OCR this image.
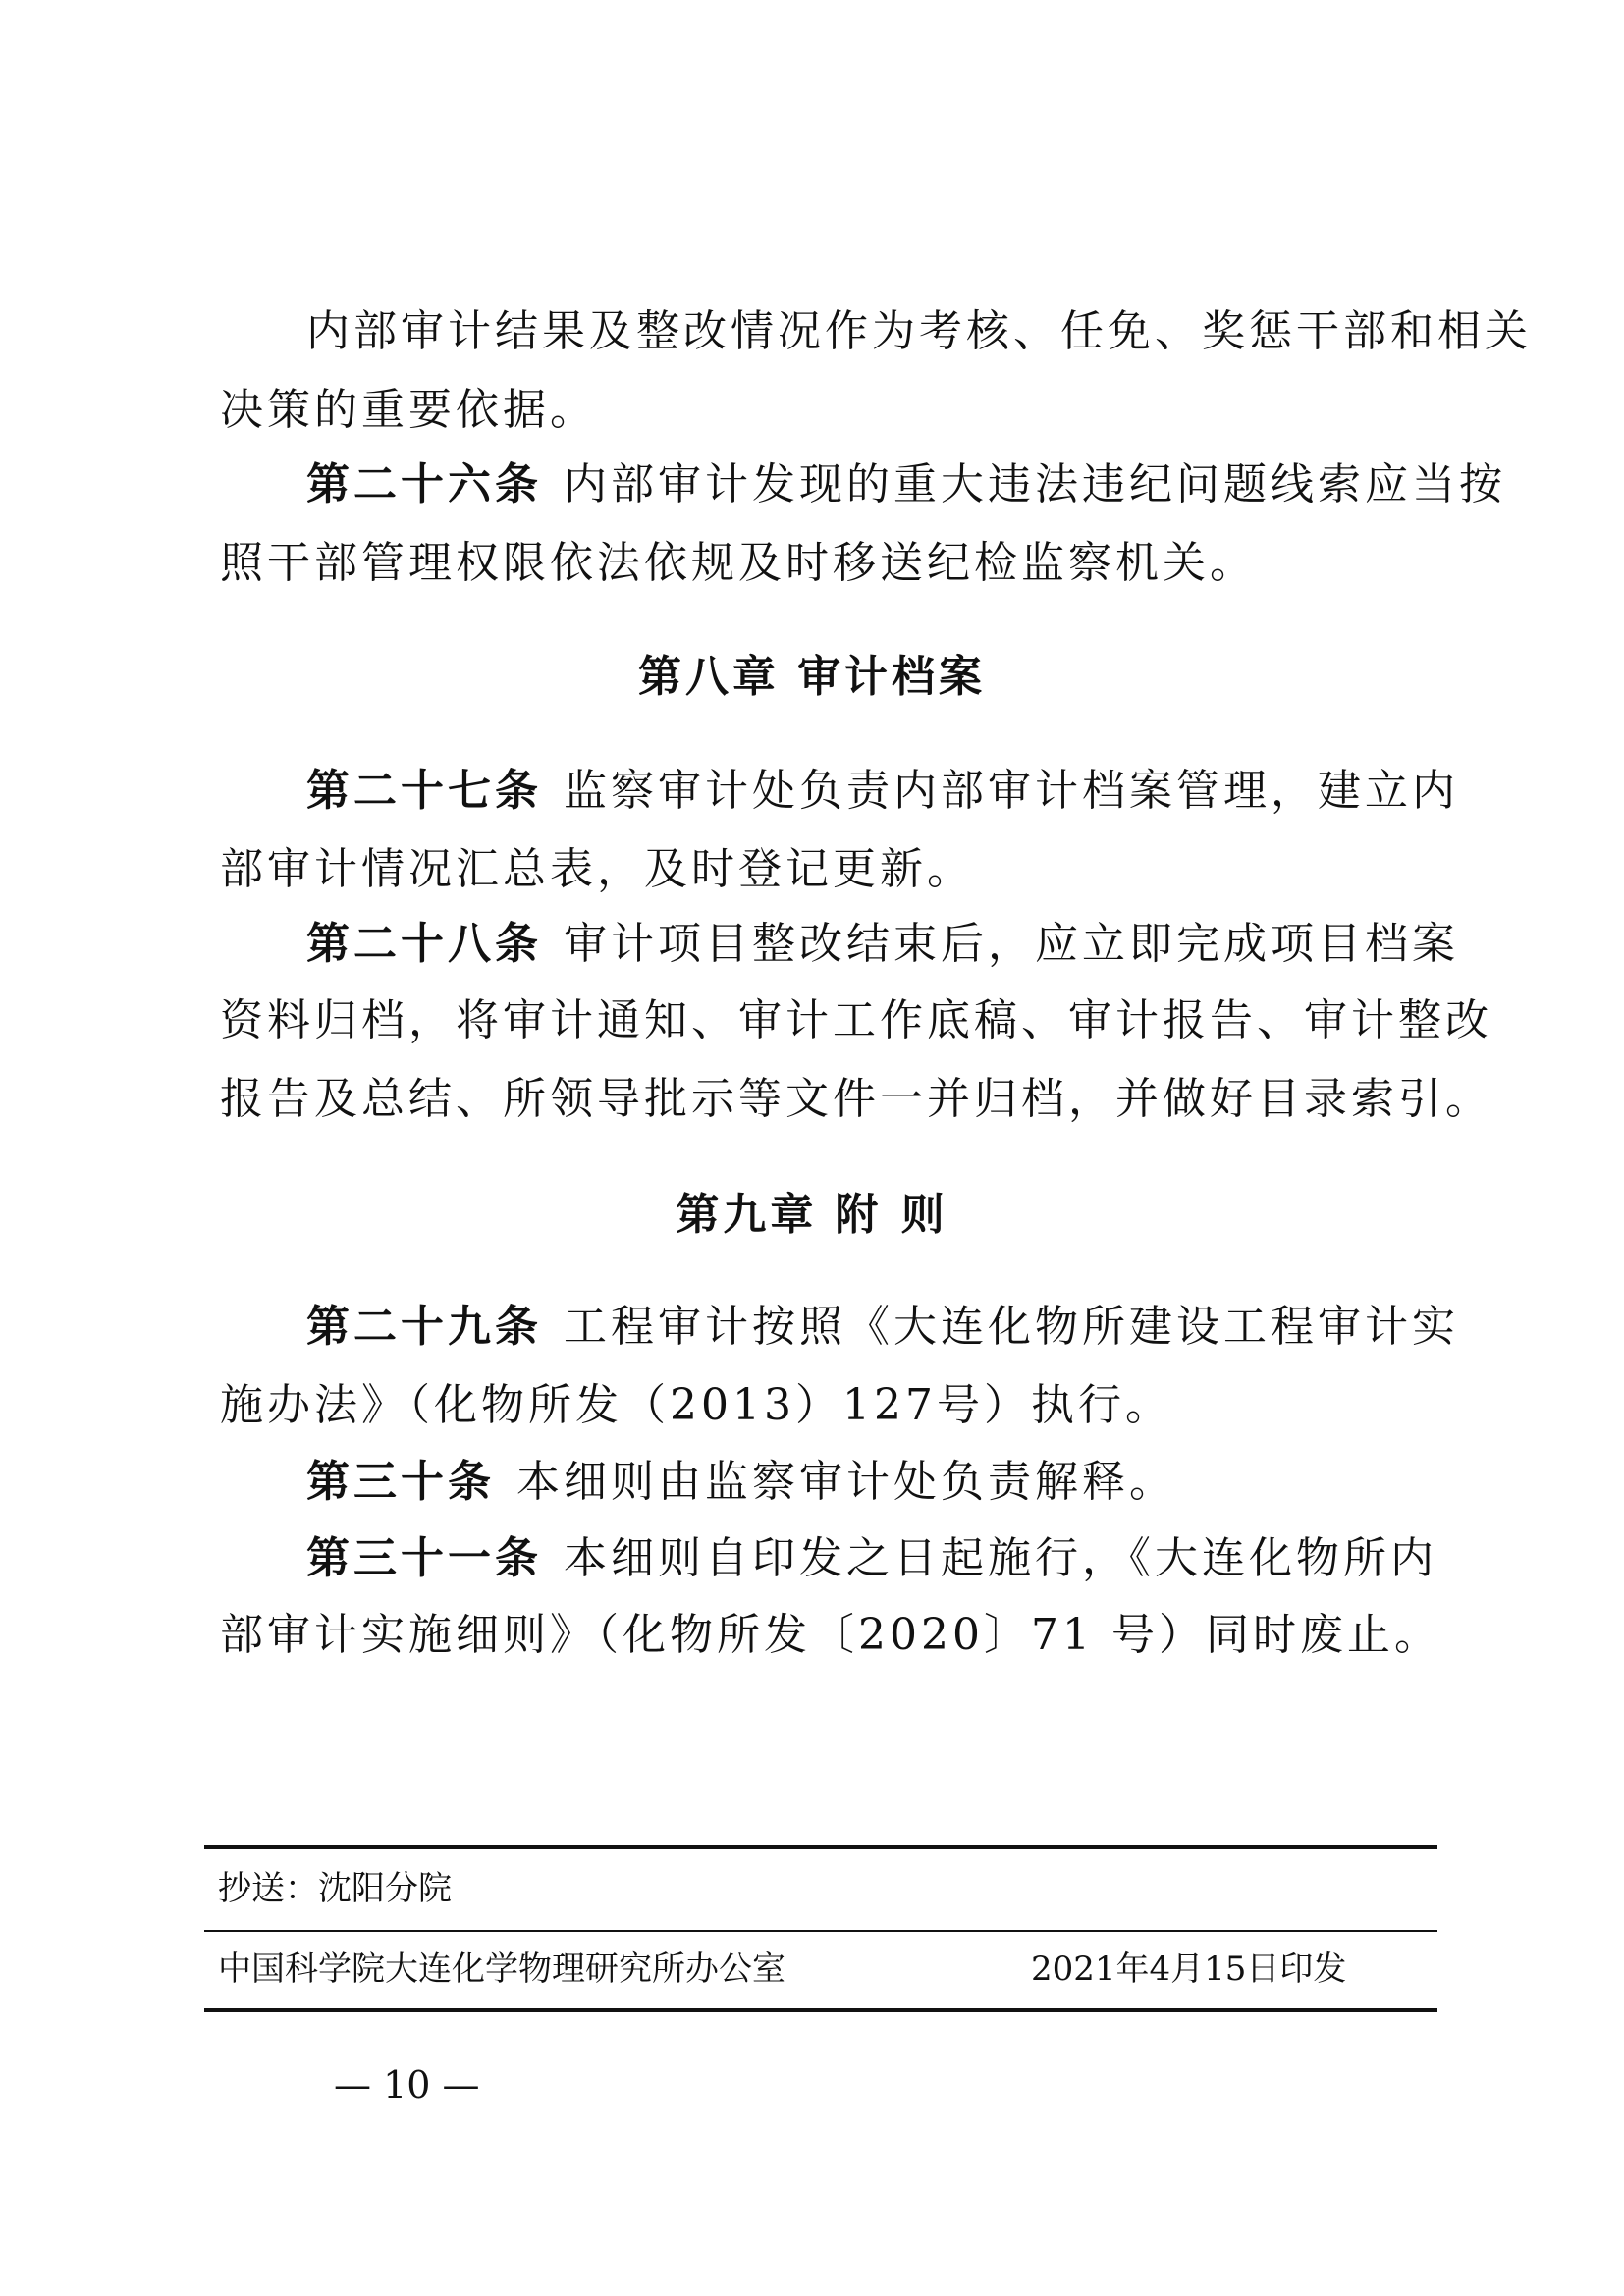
内部审计结果及整改情况作为考核、任免、奖惩干部和相关
决策的重要依据。
第二十六条 内部审计发现的重大违法违纪问题线索应当按
照干部管理权限依法依规及时移送纪检监察机关。
第八章 审计档案
第二十七条 监察审计处负责内部审计档案管理，建立内
部审计情况汇总表，及时登记更新。
第二十八条 审计项目整改结束后，应立即完成项目档案
资料归档，将审计通知、审计工作底稿、审计报告、审计整改
报告及总结、所领导批示等文件一并归档，并做好目录索引。
第九章 附 则
第二十九条 工程审计按照《大连化物所建设工程审计实
施办法》（化物所发（2013）127号）执行。
第三十条 本细则由监察审计处负责解释。
第三十一条 本细则自印发之日起施行，《大连化物所内
部审计实施细则》（化物所发〔2020〕71 号）同时废止。
抄送：沈阳分院
中国科学院大连化学物理研究所办公室	2021年4月15日印发
— 10 —
